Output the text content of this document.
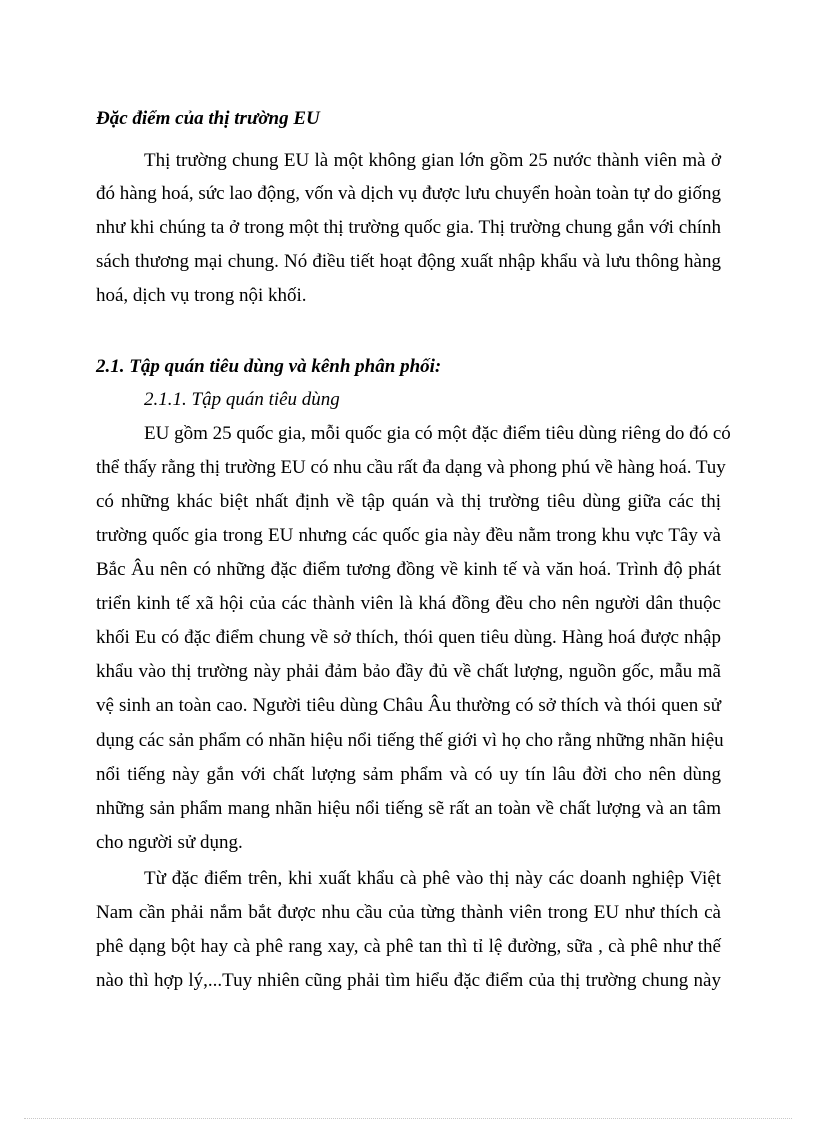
Đặc điểm của thị trường EU
Thị trường chung EU là một không gian lớn gồm 25 nước thành viên mà ở
đó hàng hoá, sức lao động, vốn và dịch vụ được lưu chuyển hoàn toàn tự do giống
như khi chúng ta ở trong một thị trường quốc gia. Thị trường chung gắn với chính
sách thương mại chung. Nó điều tiết hoạt động xuất nhập khẩu và lưu thông hàng
hoá, dịch vụ trong nội khối.
2.1. Tập quán tiêu dùng và kênh phân phối:
2.1.1. Tập quán tiêu dùng
EU gồm 25 quốc gia, mỗi quốc gia có một đặc điểm tiêu dùng riêng do đó có
thể thấy rằng thị trường EU có nhu cầu rất đa dạng và phong phú về hàng hoá. Tuy
có những khác biệt nhất định về tập quán và thị trường tiêu dùng giữa các thị
trường quốc gia trong EU nhưng các quốc gia này đều nằm trong khu vực Tây và
Bắc Âu nên có những đặc điểm tương đồng về kinh tế và văn hoá. Trình độ phát
triển kinh tế xã hội của các thành viên là khá đồng đều cho nên người dân thuộc
khối Eu có đặc điểm chung về sở thích, thói quen tiêu dùng. Hàng hoá được nhập
khẩu vào thị trường này phải đảm bảo đầy đủ về chất lượng, nguồn gốc, mẫu mã
vệ sinh an toàn cao. Người tiêu dùng Châu Âu thường có sở thích và thói quen sử
dụng các sản phẩm có nhãn hiệu nổi tiếng thế giới vì họ cho rằng những nhãn hiệu
nổi tiếng này gắn với chất lượng sảm phẩm và có uy tín lâu đời cho nên dùng
những sản phẩm mang nhãn hiệu nổi tiếng sẽ rất an toàn về chất lượng và an tâm
cho người sử dụng.
Từ đặc điểm trên, khi xuất khẩu cà phê vào thị này các doanh nghiệp Việt
Nam cần phải nắm bắt được nhu cầu của từng thành viên trong EU như thích cà
phê dạng bột hay cà phê rang xay, cà phê tan thì tỉ lệ đường, sữa , cà phê như thế
nào thì hợp lý,...Tuy nhiên cũng phải tìm hiểu đặc điểm của thị trường chung này
